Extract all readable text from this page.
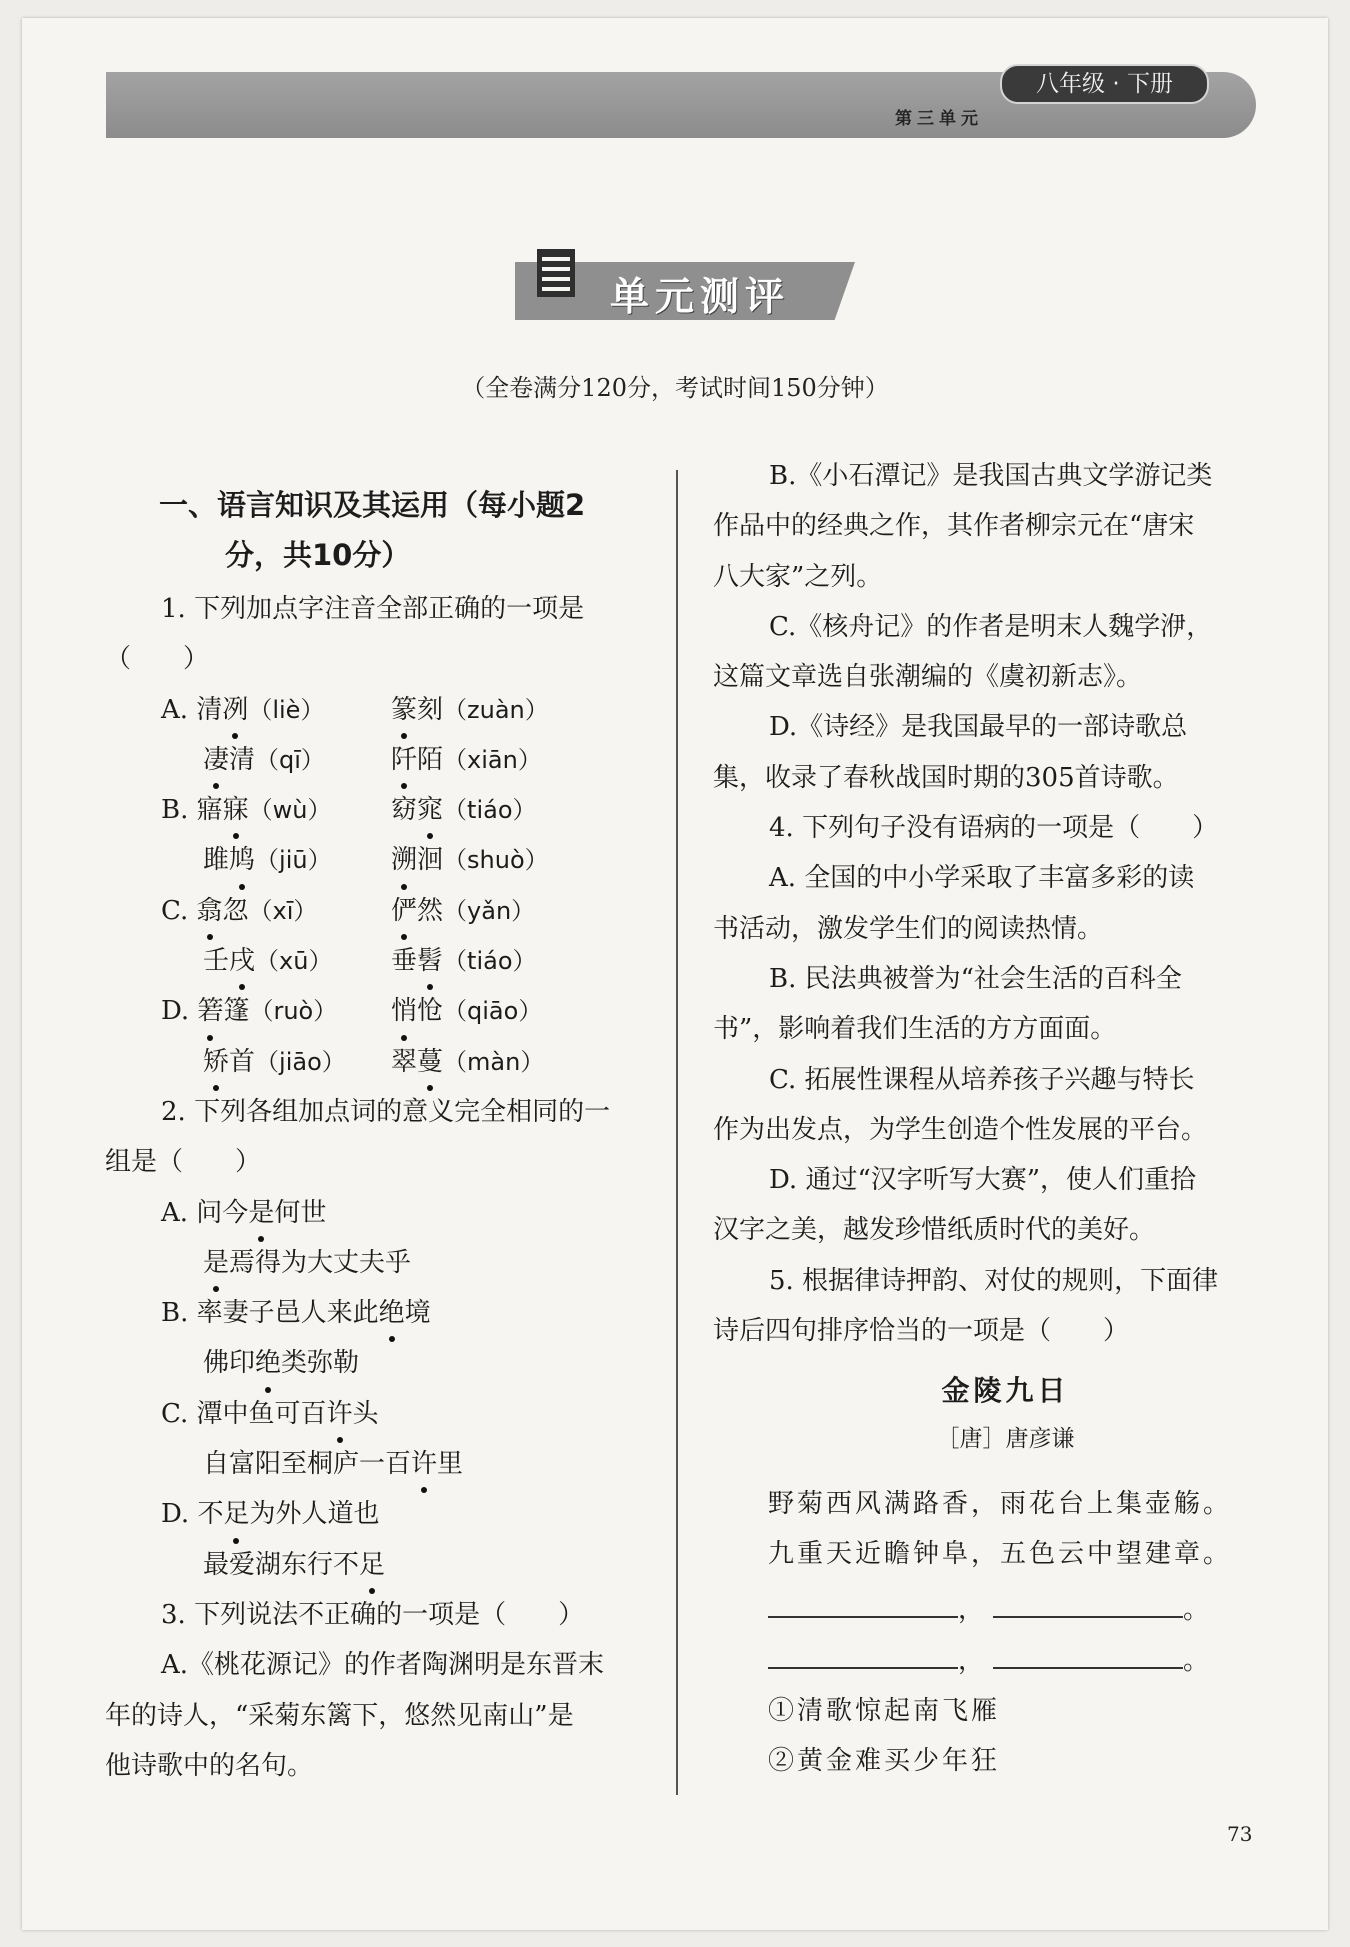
八年级 · 下册
第三单元
单元测评
（全卷满分120分，考试时间150分钟）

一、语言知识及其运用（每小题2

分，共10分）

1. 下列加点字注音全部正确的一项是

（　　）

A. 清冽（liè）	篆刻（zuàn）

凄清（qī）	阡陌（xiān）

B. 寤寐（wù） 窈窕（tiáo）

雎鸠（jiū） 溯洄（shuò）

C. 翕忽（xī）	俨然（yǎn）

壬戌（xū） 垂髫（tiáo）

D. 箬篷（ruò） 悄怆（qiāo）

矫首（jiāo） 翠蔓（màn）

2. 下列各组加点词的意义完全相同的一

组是（　　）

A. 问今是何世

是焉得为大丈夫乎

B. 率妻子邑人来此绝境

佛印绝类弥勒

C. 潭中鱼可百许头

自富阳至桐庐一百许里

D. 不足为外人道也

最爱湖东行不足

3. 下列说法不正确的一项是（　　）

A.《桃花源记》的作者陶渊明是东晋末

年的诗人，“采菊东篱下，悠然见南山”是

他诗歌中的名句。

B.《小石潭记》是我国古典文学游记类

作品中的经典之作，其作者柳宗元在“唐宋

八大家”之列。

C.《核舟记》的作者是明末人魏学洢，

这篇文章选自张潮编的《虞初新志》。

D.《诗经》是我国最早的一部诗歌总

集，收录了春秋战国时期的305首诗歌。

4. 下列句子没有语病的一项是（　　）

A. 全国的中小学采取了丰富多彩的读

书活动，激发学生们的阅读热情。

B. 民法典被誉为“社会生活的百科全

书”，影响着我们生活的方方面面。

C. 拓展性课程从培养孩子兴趣与特长

作为出发点，为学生创造个性发展的平台。

D. 通过“汉字听写大赛”，使人们重拾

汉字之美，越发珍惜纸质时代的美好。

5. 根据律诗押韵、对仗的规则，下面律

诗后四句排序恰当的一项是（　　）

金陵九日

［唐］唐彦谦

野菊西风满路香，雨花台上集壶觞。

九重天近瞻钟阜，五色云中望建章。

，	。

，	。

①清歌惊起南飞雁

②黄金难买少年狂

73
